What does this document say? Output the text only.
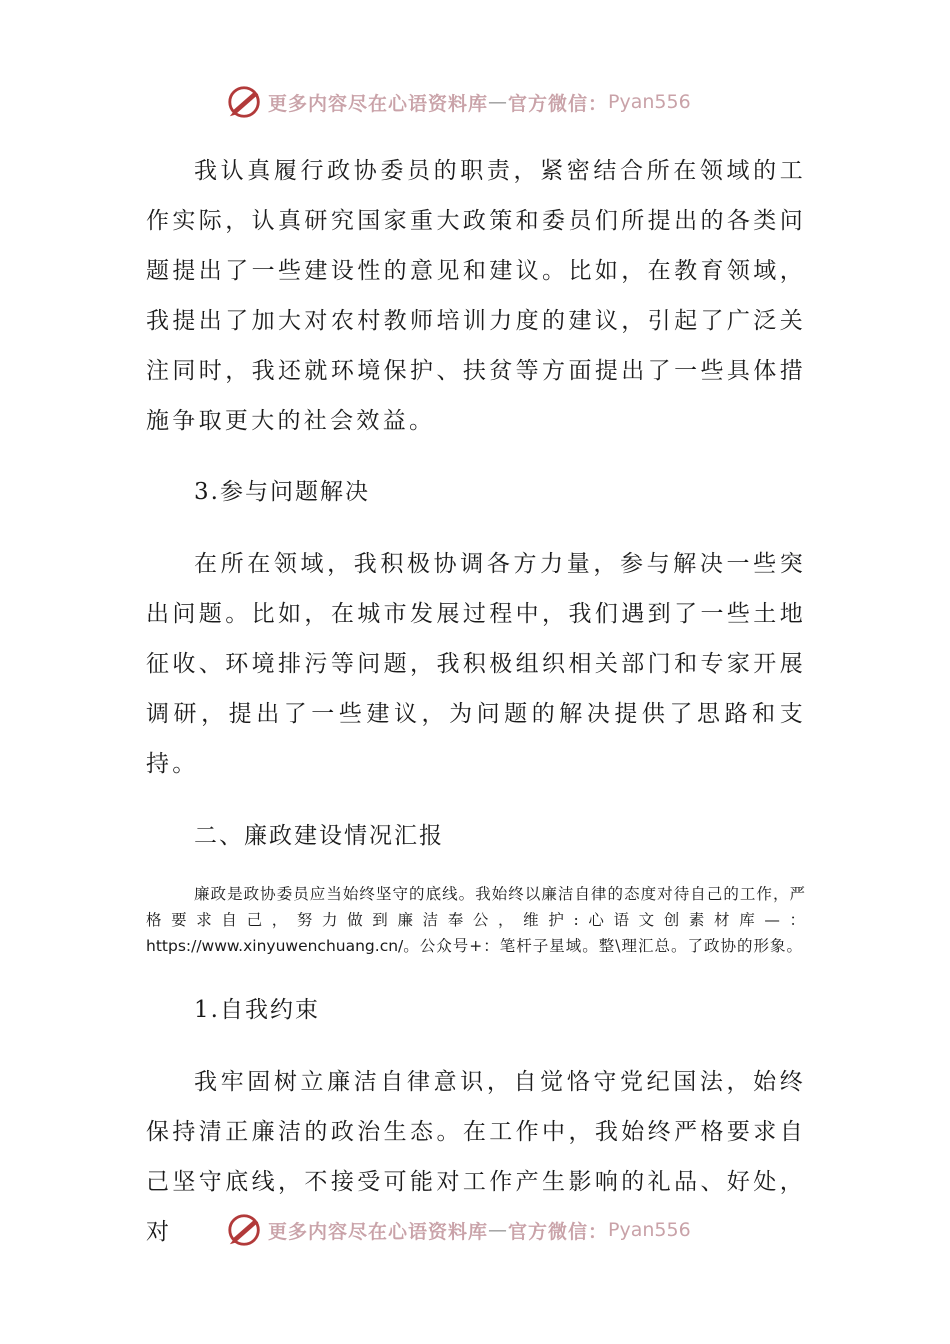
更多内容尽在心语资料库 — 官方微信： Pyan556

我认真履行政协委员的职责，紧密结合所在领域的工作实际，认真研究国家重大政策和委员们所提出的各类问题提出了一些建设性的意见和建议。比如，在教育领域，我提出了加大对农村教师培训力度的建议，引起了广泛关注同时，我还就环境保护、扶贫等方面提出了一些具体措施争取更大的社会效益。

3.参与问题解决

在所在领域，我积极协调各方力量，参与解决一些突出问题。比如，在城市发展过程中，我们遇到了一些土地征收、环境排污等问题，我积极组织相关部门和专家开展调研，提出了一些建议，为问题的解决提供了思路和支持。

二、廉政建设情况汇报

廉政是政协委员应当始终坚守的底线。我始终以廉洁自律的态度对待自己的工作，严格要求自己，努力做到廉洁奉公，维护:心语文创素材库—：https://www.xinyuwenchuang.cn/。公众号+：笔杆子星域。整\理汇总。了政协的形象。

1.自我约束

我牢固树立廉洁自律意识，自觉恪守党纪国法，始终保持清正廉洁的政治生态。在工作中，我始终严格要求自己坚守底线，不接受可能对工作产生影响的礼品、好处，对	更多内容尽在心语资料库 — 官方微信： Pyan556
